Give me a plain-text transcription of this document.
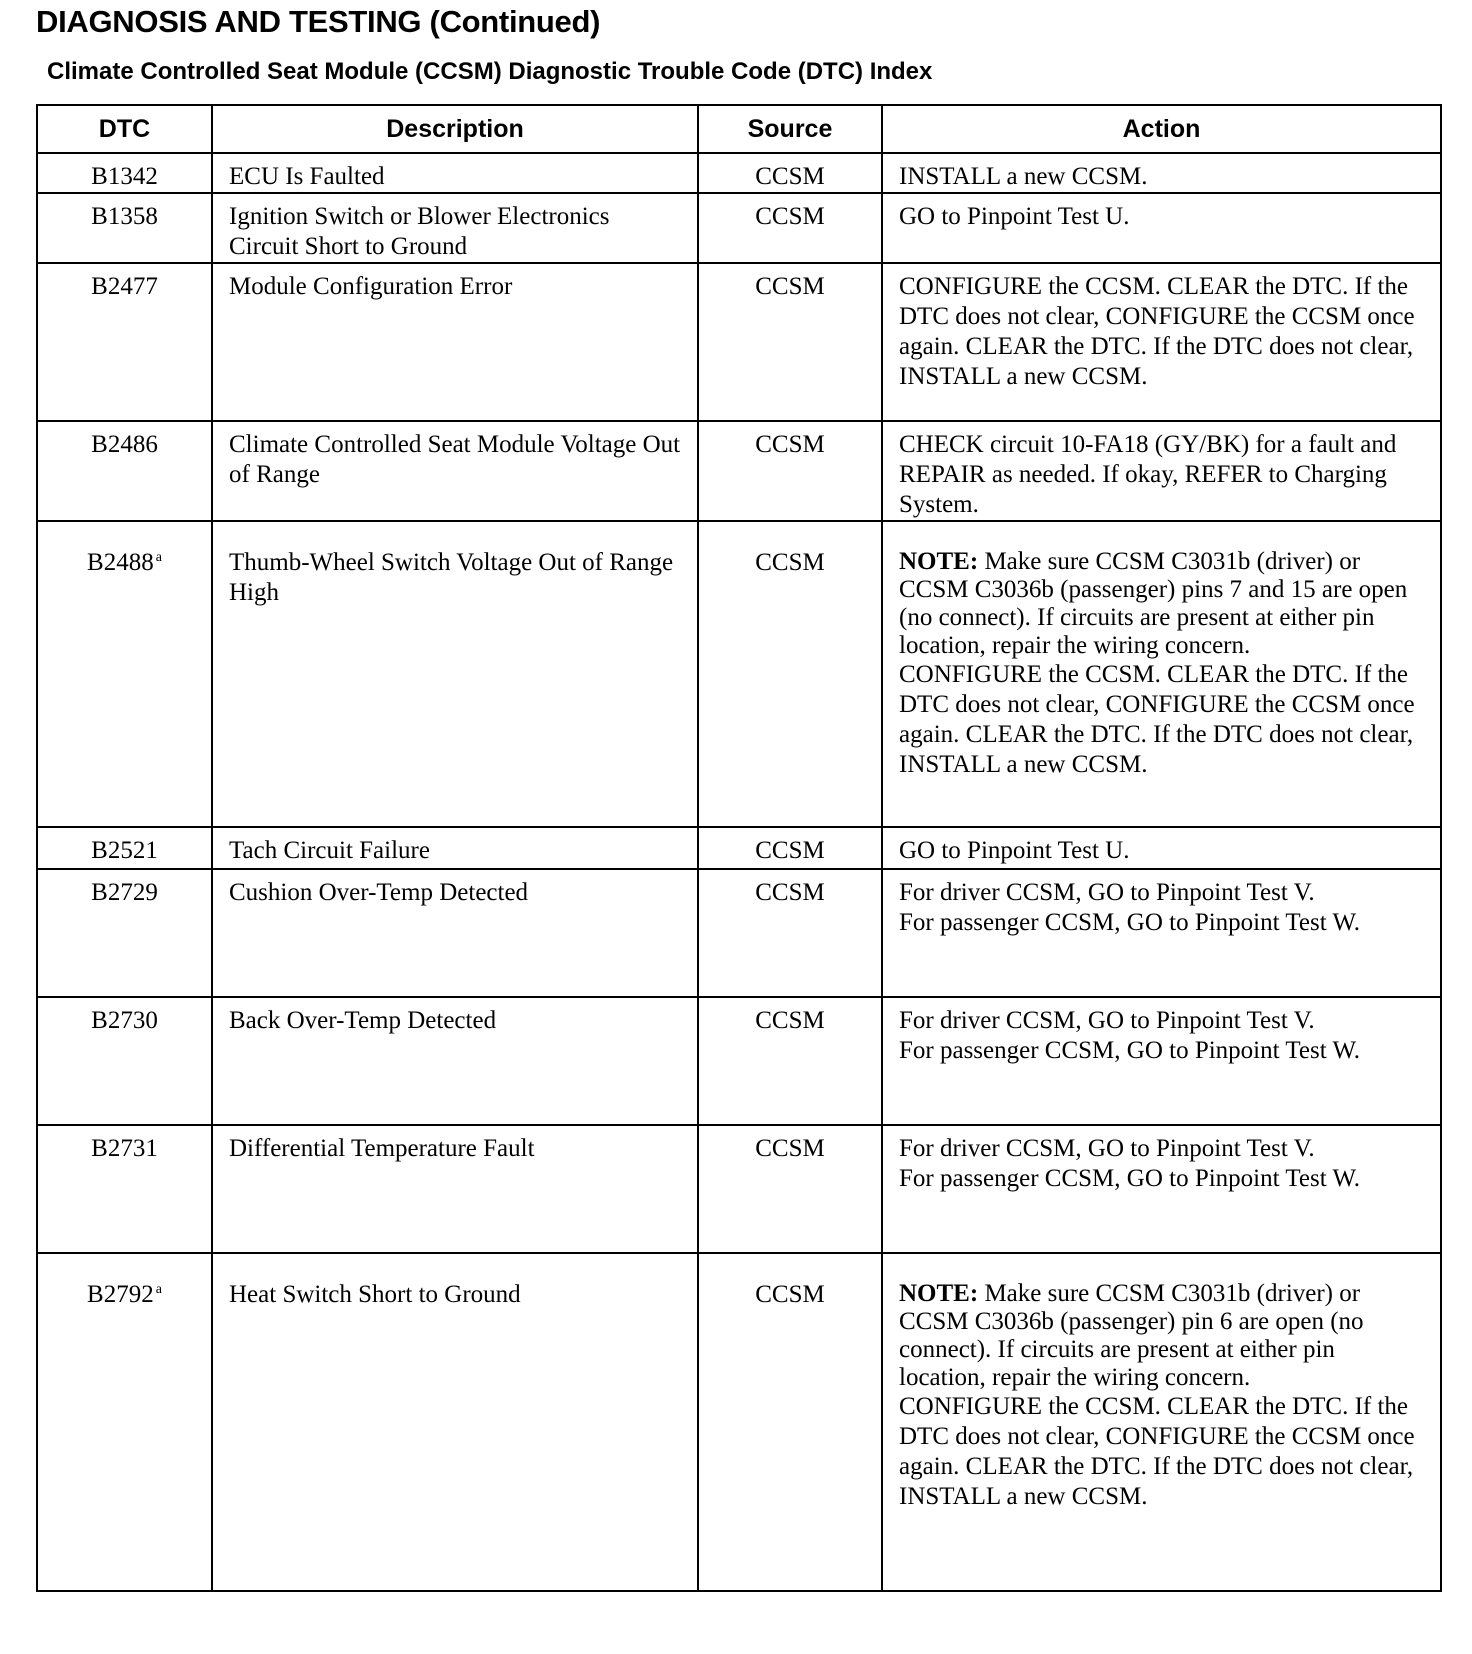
DIAGNOSIS AND TESTING (Continued)
Climate Controlled Seat Module (CCSM) Diagnostic Trouble Code (DTC) Index
DTC	Description	Source	Action
B1342	ECU Is Faulted	CCSM	INSTALL a new CCSM.

B1358	Ignition Switch or Blower Electronics Circuit Short to Ground	CCSM	GO to Pinpoint Test U.

B2477	Module Configuration Error	CCSM	CONFIGURE the CCSM. CLEAR the DTC. If the DTC does not clear, CONFIGURE the CCSM once again. CLEAR the DTC. If the DTC does not clear, INSTALL a new CCSM.

B2486	Climate Controlled Seat Module Voltage Out of Range	CCSM	CHECK circuit 10-FA18 (GY/BK) for a fault and REPAIR as needed. If okay, REFER to Charging System.

B2488 $^a$	Thumb-Wheel Switch Voltage Out of Range High	CCSM	NOTE: Make sure CCSM C3031b (driver) or CCSM C3036b (passenger) pins 7 and 15 are open (no connect). If circuits are present at either pin location, repair the wiring concern.
CONFIGURE the CCSM. CLEAR the DTC. If the DTC does not clear, CONFIGURE the CCSM once again. CLEAR the DTC. If the DTC does not clear, INSTALL a new CCSM.

B2521	Tach Circuit Failure	CCSM	GO to Pinpoint Test U.

B2729	Cushion Over-Temp Detected	CCSM	For driver CCSM, GO to Pinpoint Test V.
For passenger CCSM, GO to Pinpoint Test W.

B2730	Back Over-Temp Detected	CCSM	For driver CCSM, GO to Pinpoint Test V.
For passenger CCSM, GO to Pinpoint Test W.

B2731	Differential Temperature Fault	CCSM	For driver CCSM, GO to Pinpoint Test V.
For passenger CCSM, GO to Pinpoint Test W.

B2792 $^a$	Heat Switch Short to Ground	CCSM	NOTE: Make sure CCSM C3031b (driver) or CCSM C3036b (passenger) pin 6 are open (no connect). If circuits are present at either pin location, repair the wiring concern.
CONFIGURE the CCSM. CLEAR the DTC. If the DTC does not clear, CONFIGURE the CCSM once again. CLEAR the DTC. If the DTC does not clear, INSTALL a new CCSM.
